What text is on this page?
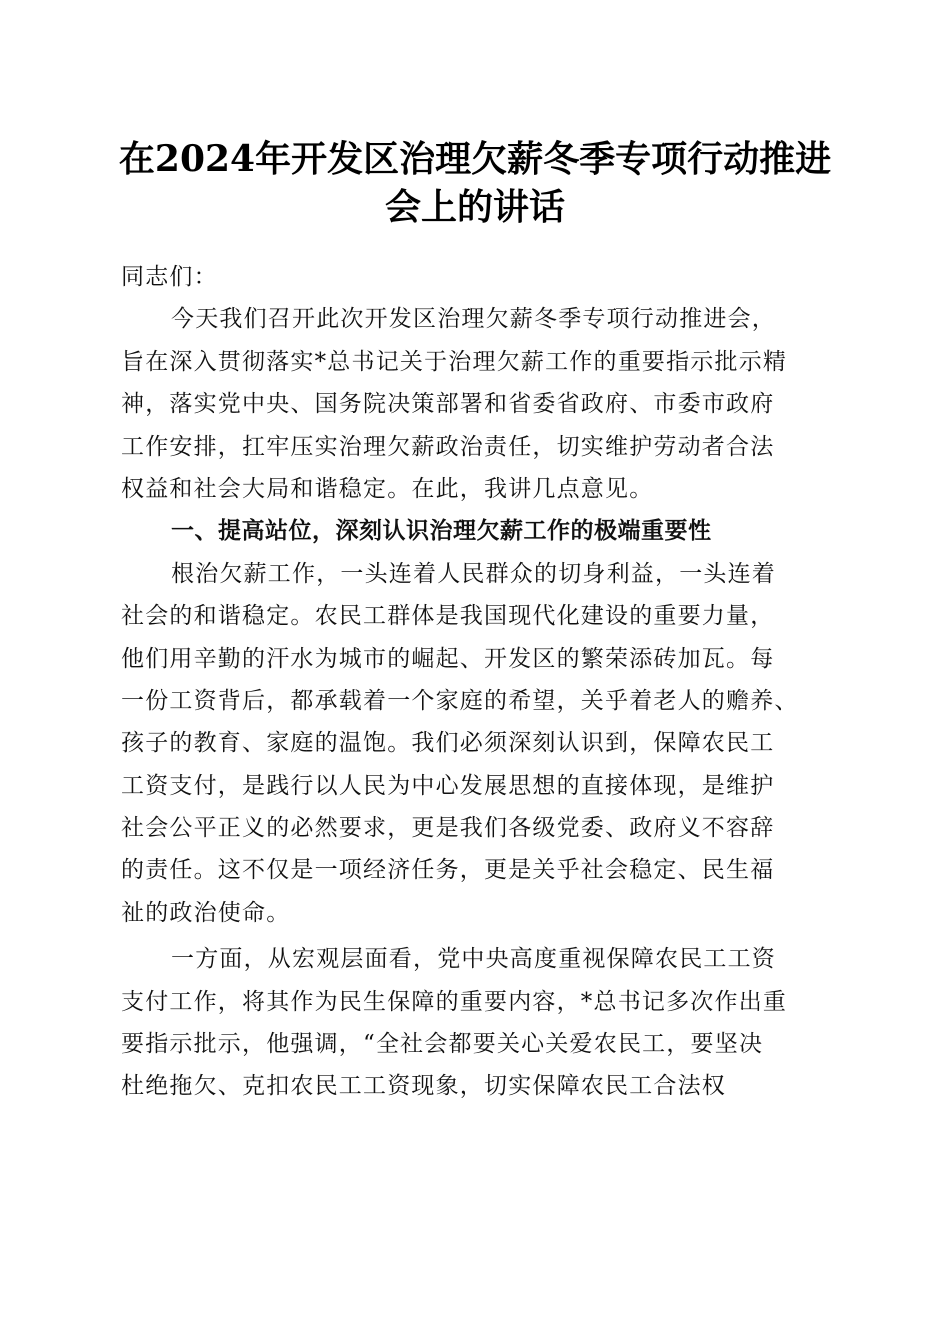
在2024年开发区治理欠薪冬季专项行动推进
会上的讲话
同志们：
今天我们召开此次开发区治理欠薪冬季专项行动推进会，
旨在深入贯彻落实*总书记关于治理欠薪工作的重要指示批示精
神，落实党中央、国务院决策部署和省委省政府、市委市政府
工作安排，扛牢压实治理欠薪政治责任，切实维护劳动者合法
权益和社会大局和谐稳定。在此，我讲几点意见。
一、提高站位，深刻认识治理欠薪工作的极端重要性
根治欠薪工作，一头连着人民群众的切身利益，一头连着
社会的和谐稳定。农民工群体是我国现代化建设的重要力量，
他们用辛勤的汗水为城市的崛起、开发区的繁荣添砖加瓦。每
一份工资背后，都承载着一个家庭的希望，关乎着老人的赡养、
孩子的教育、家庭的温饱。我们必须深刻认识到，保障农民工
工资支付，是践行以人民为中心发展思想的直接体现，是维护
社会公平正义的必然要求，更是我们各级党委、政府义不容辞
的责任。这不仅是一项经济任务，更是关乎社会稳定、民生福
祉的政治使命。
一方面，从宏观层面看，党中央高度重视保障农民工工资
支付工作，将其作为民生保障的重要内容，*总书记多次作出重
要指示批示，他强调，“全社会都要关心关爱农民工，要坚决
杜绝拖欠、克扣农民工工资现象，切实保障农民工合法权
